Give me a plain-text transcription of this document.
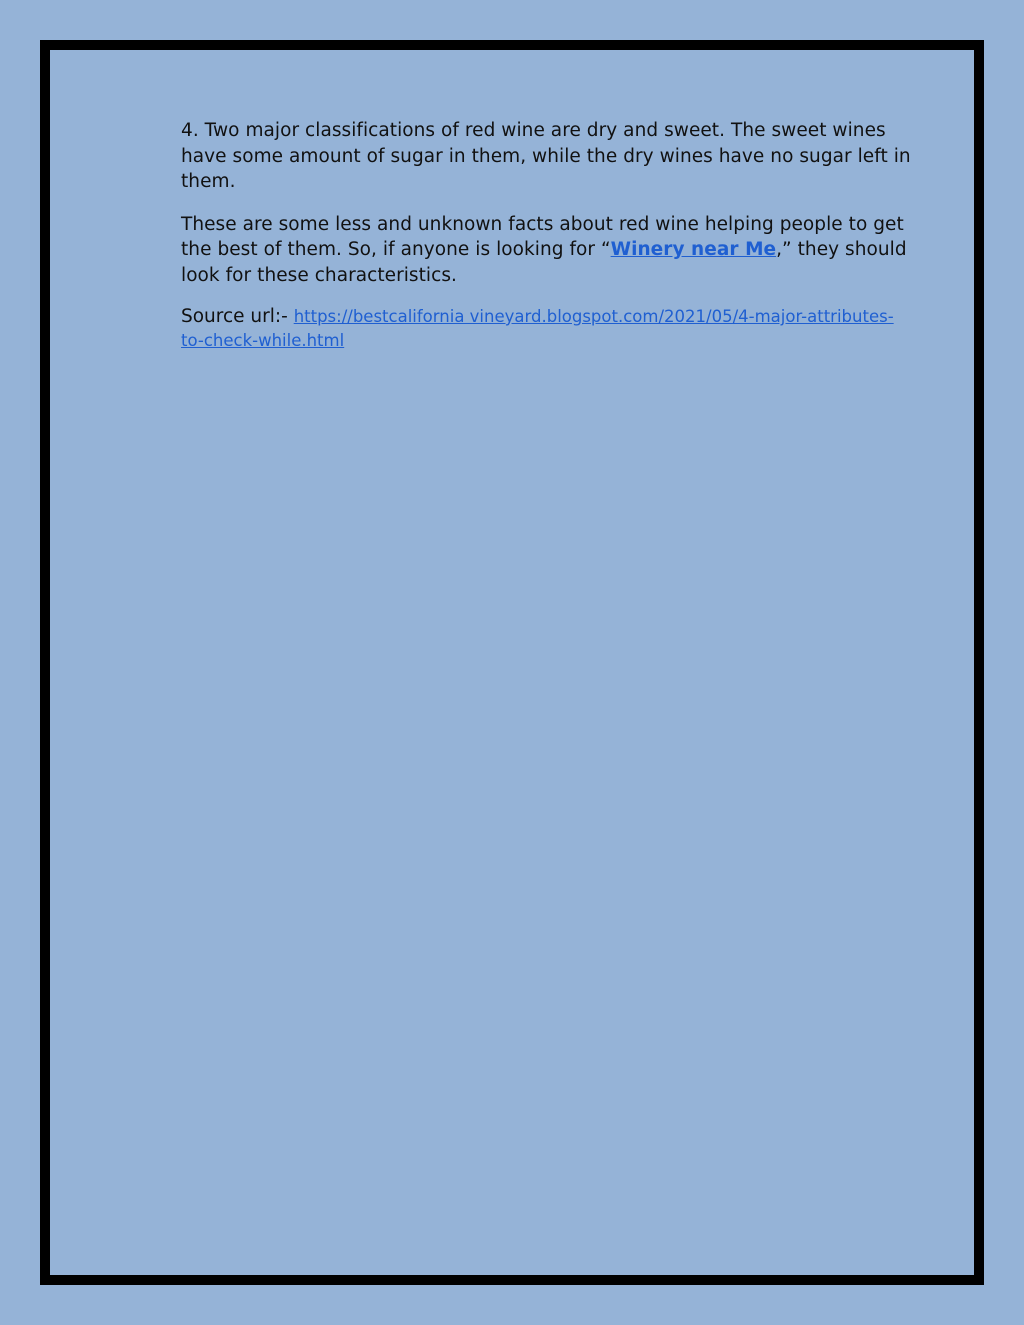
4. Two major classifications of red wine are dry and sweet. The sweet wines have some amount of sugar in them, while the dry wines have no sugar left in them.

These are some less and unknown facts about red wine helping people to get the best of them. So, if anyone is looking for “Winery near Me,” they should look for these characteristics.

Source url:- https://bestcalifornia vineyard.blogspot.com/2021/05/4-major-attributes-to-check-while.html
